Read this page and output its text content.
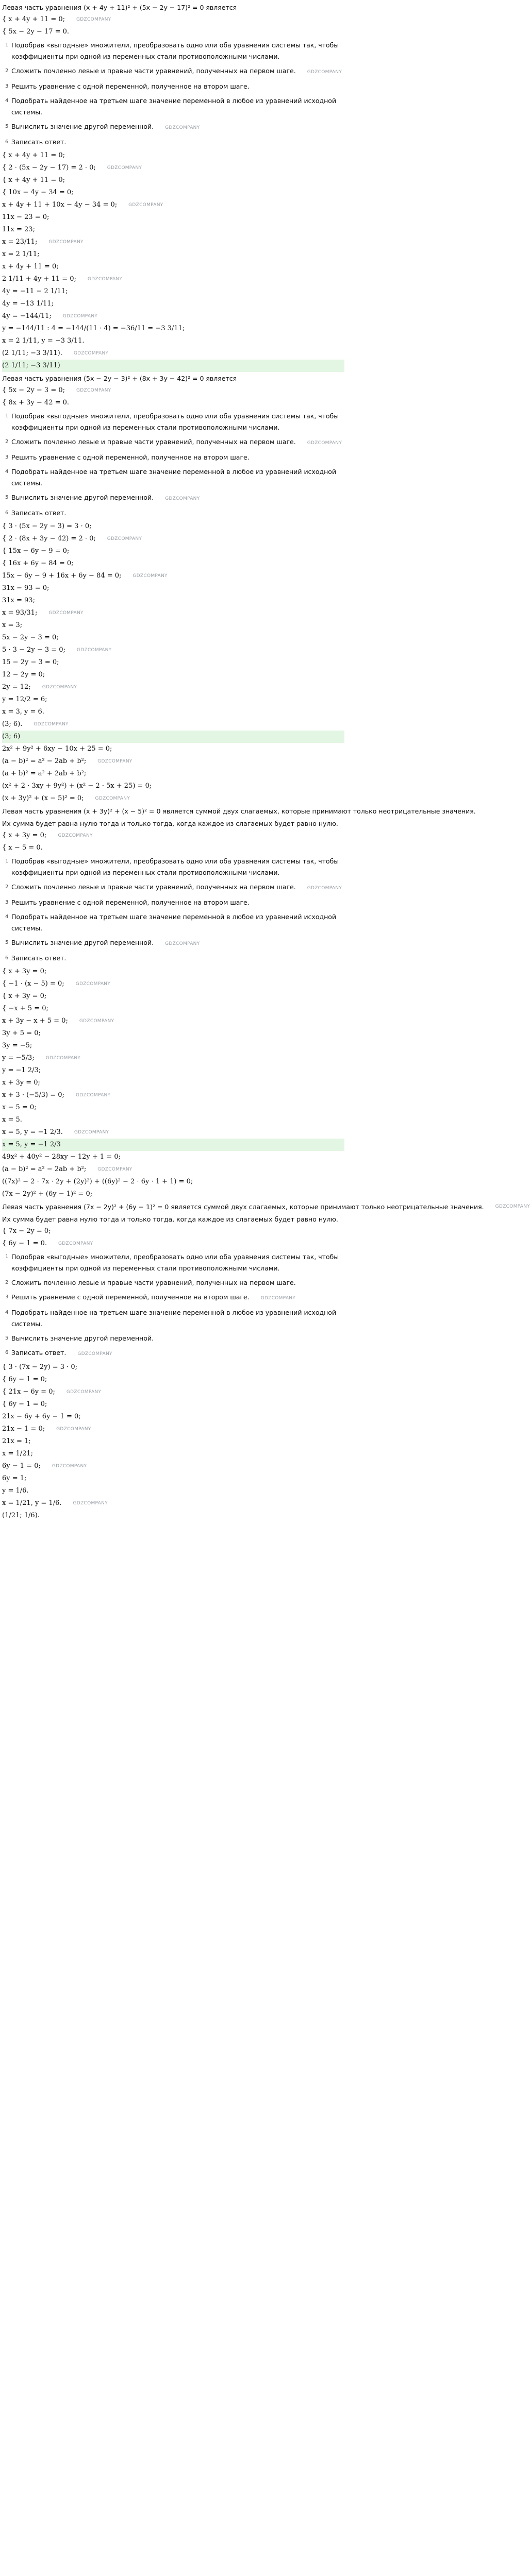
Левая часть уравнения (x + 4y + 11)² + (5x − 2y − 17)² = 0 является
{ x + 4y + 11 = 0; GDZCOMPANY
{ 5x − 2y − 17 = 0.
1 Подобрав «выгодные» множители, преобразовать одно или оба уравнения системы так, чтобы коэффициенты при одной из переменных стали противоположными числами.
2 Сложить почленно левые и правые части уравнений, полученных на первом шаге. GDZCOMPANY
3 Решить уравнение с одной переменной, полученное на втором шаге.
4 Подобрать найденное на третьем шаге значение переменной в любое из уравнений исходной системы.
5 Вычислить значение другой переменной. GDZCOMPANY
6 Записать ответ.
{ x + 4y + 11 = 0;
{ 2 · (5x − 2y − 17) = 2 · 0; GDZCOMPANY
{ x + 4y + 11 = 0;
{ 10x − 4y − 34 = 0;
x + 4y + 11 + 10x − 4y − 34 = 0; GDZCOMPANY
11x − 23 = 0;
11x = 23;
x = 23/11; GDZCOMPANY
x = 2 1/11;
x + 4y + 11 = 0;
2 1/11 + 4y + 11 = 0; GDZCOMPANY
4y = −11 − 2 1/11;
4y = −13 1/11;
4y = −144/11; GDZCOMPANY
y = −144/11 : 4 = −144/(11 · 4) = −36/11 = −3 3/11;
x = 2 1/11, y = −3 3/11.
(2 1/11; −3 3/11). GDZCOMPANY
(2 1/11; −3 3/11)
Левая часть уравнения (5x − 2y − 3)² + (8x + 3y − 42)² = 0 является
{ 5x − 2y − 3 = 0; GDZCOMPANY
{ 8x + 3y − 42 = 0.
1 Подобрав «выгодные» множители, преобразовать одно или оба уравнения системы так, чтобы коэффициенты при одной из переменных стали противоположными числами.
2 Сложить почленно левые и правые части уравнений, полученных на первом шаге. GDZCOMPANY
3 Решить уравнение с одной переменной, полученное на втором шаге.
4 Подобрать найденное на третьем шаге значение переменной в любое из уравнений исходной системы.
5 Вычислить значение другой переменной. GDZCOMPANY
6 Записать ответ.
{ 3 · (5x − 2y − 3) = 3 · 0;
{ 2 · (8x + 3y − 42) = 2 · 0; GDZCOMPANY
{ 15x − 6y − 9 = 0;
{ 16x + 6y − 84 = 0;
15x − 6y − 9 + 16x + 6y − 84 = 0; GDZCOMPANY
31x − 93 = 0;
31x = 93;
x = 93/31; GDZCOMPANY
x = 3;
5x − 2y − 3 = 0;
5 · 3 − 2y − 3 = 0; GDZCOMPANY
15 − 2y − 3 = 0;
12 − 2y = 0;
2y = 12; GDZCOMPANY
y = 12/2 = 6;
x = 3, y = 6.
(3; 6). GDZCOMPANY
(3; 6)
2x² + 9y² + 6xy − 10x + 25 = 0;
(a − b)² = a² − 2ab + b²; GDZCOMPANY
(a + b)² = a² + 2ab + b²;
(x² + 2 · 3xy + 9y²) + (x² − 2 · 5x + 25) = 0;
(x + 3y)² + (x − 5)² = 0; GDZCOMPANY
Левая часть уравнения (x + 3y)² + (x − 5)² = 0 является суммой двух слагаемых, которые принимают только неотрицательные значения.
Их сумма будет равна нулю тогда и только тогда, когда каждое из слагаемых будет равно нулю.
{ x + 3y = 0; GDZCOMPANY
{ x − 5 = 0.
1 Подобрав «выгодные» множители, преобразовать одно или оба уравнения системы так, чтобы коэффициенты при одной из переменных стали противоположными числами.
2 Сложить почленно левые и правые части уравнений, полученных на первом шаге. GDZCOMPANY
3 Решить уравнение с одной переменной, полученное на втором шаге.
4 Подобрать найденное на третьем шаге значение переменной в любое из уравнений исходной системы.
5 Вычислить значение другой переменной. GDZCOMPANY
6 Записать ответ.
{ x + 3y = 0;
{ −1 · (x − 5) = 0; GDZCOMPANY
{ x + 3y = 0;
{ −x + 5 = 0;
x + 3y − x + 5 = 0; GDZCOMPANY
3y + 5 = 0;
3y = −5;
y = −5/3; GDZCOMPANY
y = −1 2/3;
x + 3y = 0;
x + 3 · (−5/3) = 0; GDZCOMPANY
x − 5 = 0;
x = 5.
x = 5, y = −1 2/3. GDZCOMPANY
x = 5, y = −1 2/3
49x² + 40y² − 28xy − 12y + 1 = 0;
(a − b)² = a² − 2ab + b²; GDZCOMPANY
((7x)² − 2 · 7x · 2y + (2y)²) + ((6y)² − 2 · 6y · 1 + 1) = 0;
(7x − 2y)² + (6y − 1)² = 0;
Левая часть уравнения (7x − 2y)² + (6y − 1)² = 0 является суммой двух слагаемых, которые принимают только неотрицательные значения. GDZCOMPANY
Их сумма будет равна нулю тогда и только тогда, когда каждое из слагаемых будет равно нулю.
{ 7x − 2y = 0;
{ 6y − 1 = 0. GDZCOMPANY
1 Подобрав «выгодные» множители, преобразовать одно или оба уравнения системы так, чтобы коэффициенты при одной из переменных стали противоположными числами.
2 Сложить почленно левые и правые части уравнений, полученных на первом шаге.
3 Решить уравнение с одной переменной, полученное на втором шаге. GDZCOMPANY
4 Подобрать найденное на третьем шаге значение переменной в любое из уравнений исходной системы.
5 Вычислить значение другой переменной.
6 Записать ответ. GDZCOMPANY
{ 3 · (7x − 2y) = 3 · 0;
{ 6y − 1 = 0;
{ 21x − 6y = 0; GDZCOMPANY
{ 6y − 1 = 0;
21x − 6y + 6y − 1 = 0;
21x − 1 = 0; GDZCOMPANY
21x = 1;
x = 1/21;
6y − 1 = 0; GDZCOMPANY
6y = 1;
y = 1/6.
x = 1/21, y = 1/6. GDZCOMPANY
(1/21; 1/6).
